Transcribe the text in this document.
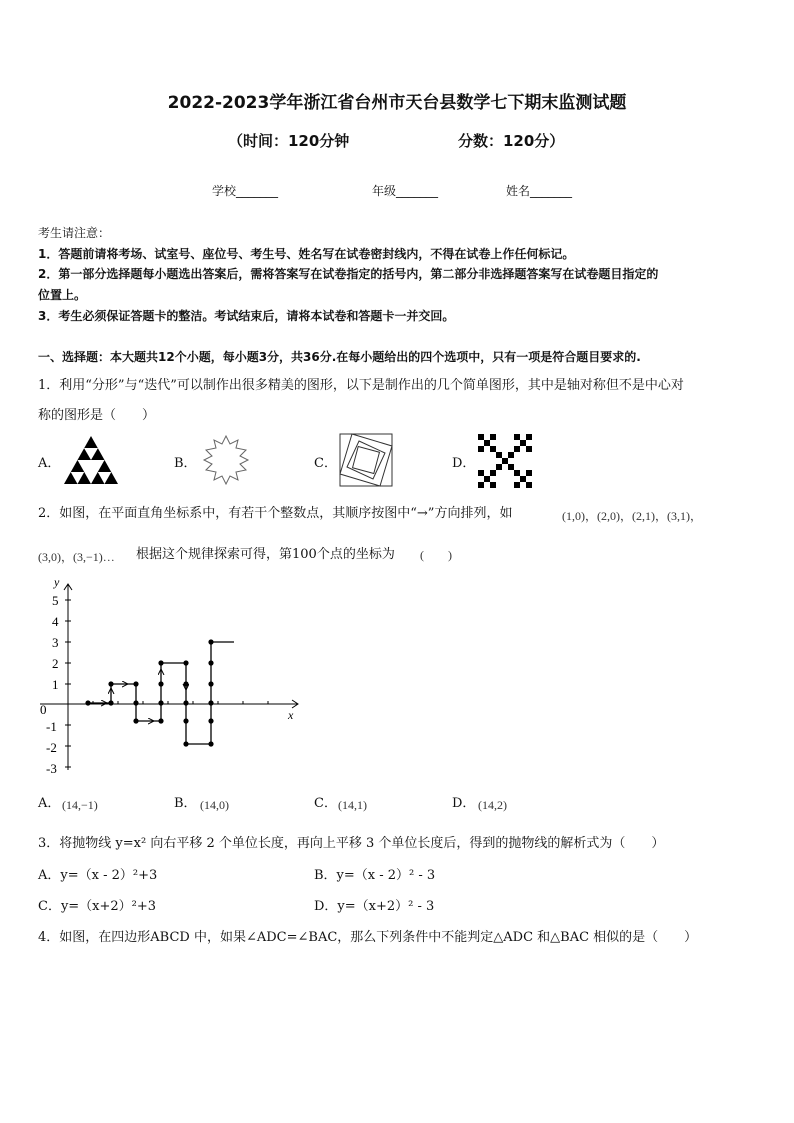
2022-2023学年浙江省台州市天台县数学七下期末监测试题
（时间：120分钟	分数：120分）
学校_______	年级_______	姓名_______
考生请注意：
1．答题前请将考场、试室号、座位号、考生号、姓名写在试卷密封线内，不得在试卷上作任何标记。
2．第一部分选择题每小题选出答案后，需将答案写在试卷指定的括号内，第二部分非选择题答案写在试卷题目指定的
位置上。
3．考生必须保证答题卡的整洁。考试结束后，请将本试卷和答题卡一并交回。
一、选择题：本大题共12个小题，每小题3分，共36分.在每小题给出的四个选项中，只有一项是符合题目要求的.
1．利用“分形”与“迭代”可以制作出很多精美的图形，以下是制作出的几个简单图形，其中是轴对称但不是中心对
称的图形是（　　）
A．	B．	C．	D．
2．如图，在平面直角坐标系中，有若干个整数点，其顺序按图中“→”方向排列，如	(1,0)，(2,0)，(2,1)，(3,1)，
(3,0)，(3,−1)… 根据这个规律探索可得，第100个点的坐标为 (　　)
x
y
5
4
3
2
1
0
-1
-2
-3
A． (14,−1)	B． (14,0)	C． (14,1)	D． (14,2)
3．将抛物线 y=x² 向右平移 2 个单位长度，再向上平移 3 个单位长度后，得到的抛物线的解析式为（　　）
A．y=（x - 2）²+3	B．y=（x - 2）² - 3
C．y=（x+2）²+3	D．y=（x+2）² - 3
4．如图，在四边形ABCD 中，如果∠ADC=∠BAC，那么下列条件中不能判定△ADC 和△BAC 相似的是（　　）
